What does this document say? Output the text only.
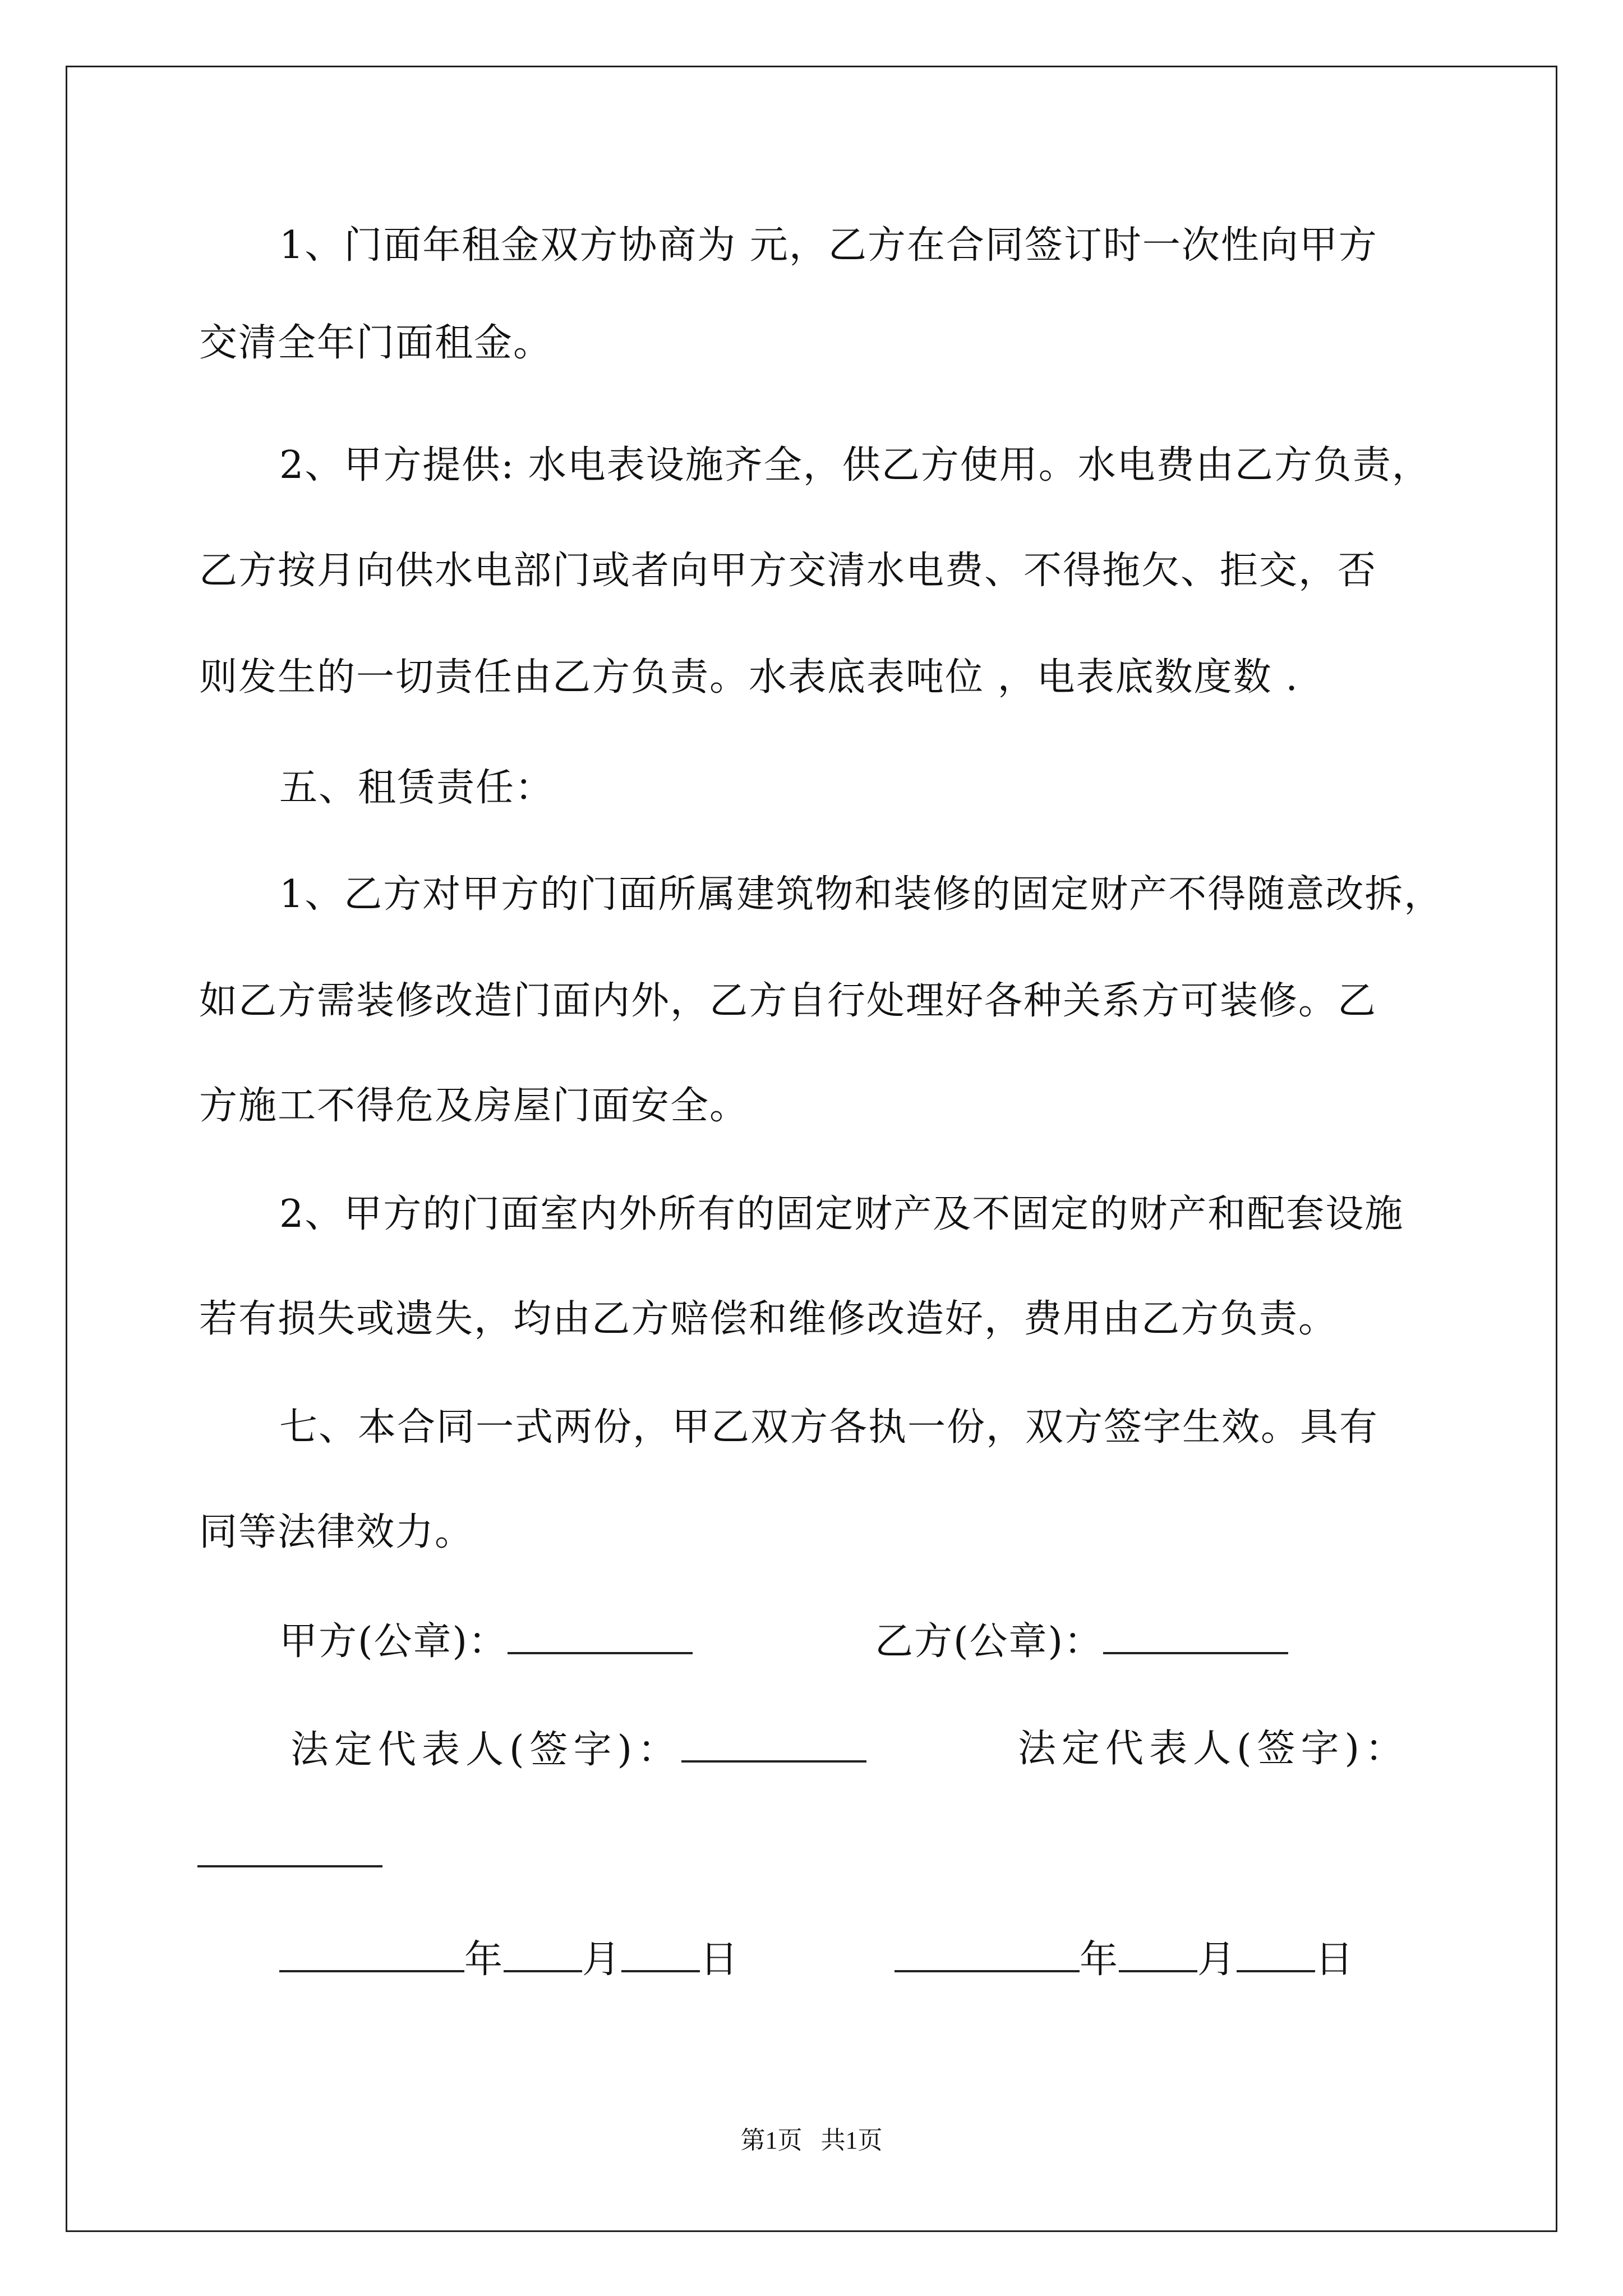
1、门面年租金双方协商为 元，乙方在合同签订时一次性向甲方
交清全年门面租金。
2、甲方提供: 水电表设施齐全，供乙方使用。水电费由乙方负责，
乙方按月向供水电部门或者向甲方交清水电费、不得拖欠、拒交，否
则发生的一切责任由乙方负责。水表底表吨位 ，电表底数度数 .
五、租赁责任：
1、乙方对甲方的门面所属建筑物和装修的固定财产不得随意改拆，
如乙方需装修改造门面内外，乙方自行处理好各种关系方可装修。乙
方施工不得危及房屋门面安全。
2、甲方的门面室内外所有的固定财产及不固定的财产和配套设施
若有损失或遗失，均由乙方赔偿和维修改造好，费用由乙方负责。
七、本合同一式两份，甲乙双方各执一份，双方签字生效。具有
同等法律效力。
甲方(公章)：	乙方(公章)：
法定代表人(签字)：	法定代表人(签字)：
年 月 日	年 月 日
第1页   共1页
